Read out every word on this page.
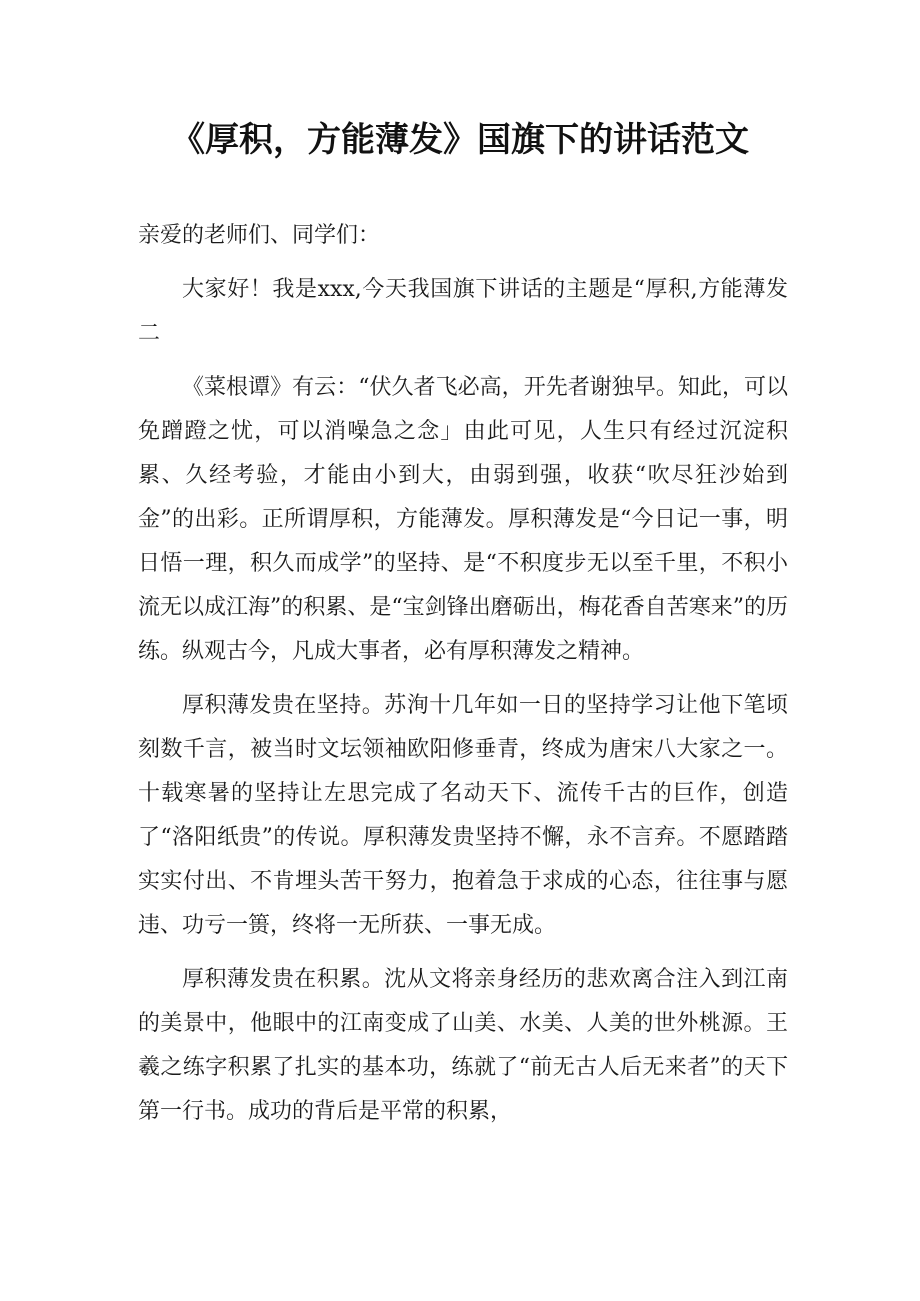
《厚积，方能薄发》国旗下的讲话范文

亲爱的老师们、同学们：

大家好！我是xxx,今天我国旗下讲话的主题是“厚积,方能薄发二

《菜根谭》有云：“伏久者飞必高，开先者谢独早。知此，可以免蹭蹬之忧，可以消噪急之念」由此可见，人生只有经过沉淀积累、久经考验，才能由小到大，由弱到强，收获“吹尽狂沙始到金”的出彩。正所谓厚积，方能薄发。厚积薄发是“今日记一事，明日悟一理，积久而成学”的坚持、是“不积度步无以至千里，不积小流无以成江海”的积累、是“宝剑锋出磨砺出，梅花香自苦寒来”的历练。纵观古今，凡成大事者，必有厚积薄发之精神。

厚积薄发贵在坚持。苏洵十几年如一日的坚持学习让他下笔顷刻数千言，被当时文坛领袖欧阳修垂青，终成为唐宋八大家之一。十载寒暑的坚持让左思完成了名动天下、流传千古的巨作，创造了“洛阳纸贵”的传说。厚积薄发贵坚持不懈，永不言弃。不愿踏踏实实付出、不肯埋头苦干努力，抱着急于求成的心态，往往事与愿违、功亏一篑，终将一无所获、一事无成。

厚积薄发贵在积累。沈从文将亲身经历的悲欢离合注入到江南的美景中，他眼中的江南变成了山美、水美、人美的世外桃源。王羲之练字积累了扎实的基本功，练就了“前无古人后无来者”的天下第一行书。成功的背后是平常的积累，
